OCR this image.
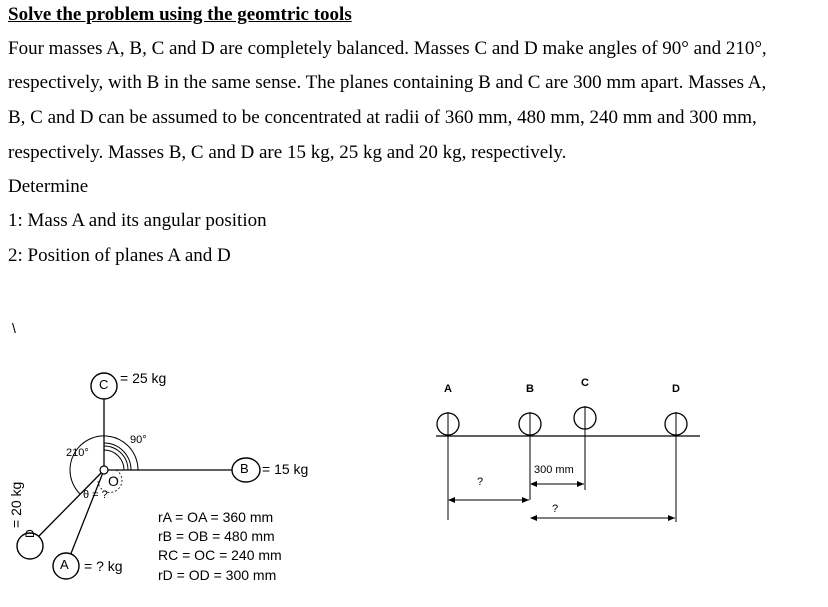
Solve the problem using the geomtric tools
Four masses A, B, C and D are completely balanced. Masses C and D make angles of 90° and 210°,
respectively, with B in the same sense. The planes containing B and C are 300 mm apart. Masses A,
B, C and D can be assumed to be concentrated at radii of 360 mm, 480 mm, 240 mm and 300 mm,
respectively. Masses B, C and D are 15 kg, 25 kg and 20 kg, respectively.
Determine
1: Mass A and its angular position
2: Position of planes A and D
\
C = 25 kg
B = 15 kg
D
= 20 kg
A = ? kg
90°
210°
O
θ = ?
rA = OA = 360 mm
rB = OB = 480 mm
RC = OC = 240 mm
rD = OD = 300 mm
A	B	C	D
300 mm
?
?
